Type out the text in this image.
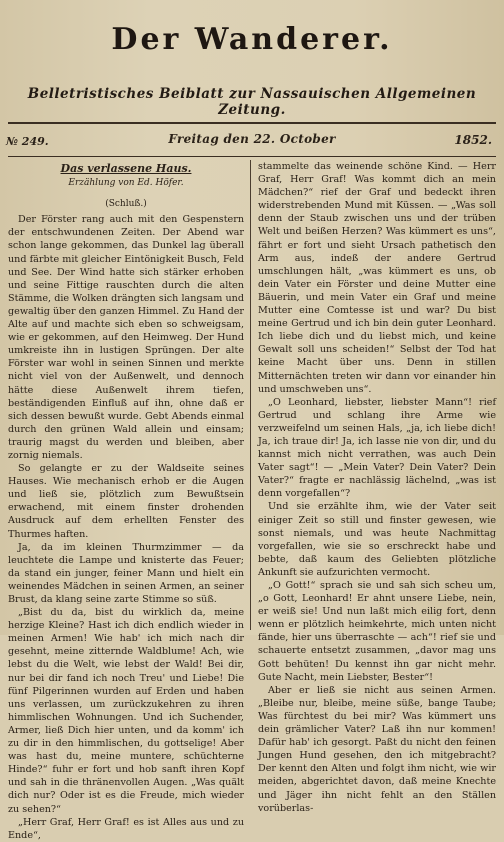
Der Wanderer.
Belletristisches Beiblatt zur Nassauischen Allgemeinen Zeitung.
№ 249.	Freitag den 22. October	1852.
Das verlassene Haus.
Erzählung von Ed. Höfer.
(Schluß.)

Der Förster rang auch mit den Gespenstern der entschwundenen Zeiten. Der Abend war schon lange gekommen, das Dunkel lag überall und färbte mit gleicher Eintönigkeit Busch, Feld und See. Der Wind hatte sich stärker erhoben und seine Fittige rauschten durch die alten Stämme, die Wolken drängten sich langsam und gewaltig über den ganzen Himmel. Zu Hand der Alte auf und machte sich eben so schweigsam, wie er gekommen, auf den Heimweg. Der Hund umkreiste ihn in lustigen Sprüngen. Der alte Förster war wohl in seinen Sinnen und merkte nicht viel von der Außenwelt, und dennoch hätte diese Außenwelt ihrem tiefen, beständigenden Einfluß auf ihn, ohne daß er sich dessen bewußt wurde. Gebt Abends einmal durch den grünen Wald allein und einsam; traurig magst du werden und bleiben, aber zornig niemals.

So gelangte er zu der Waldseite seines Hauses. Wie mechanisch erhob er die Augen und ließ sie, plötzlich zum Bewußtsein erwachend, mit einem finster drohenden Ausdruck auf dem erhellten Fenster des Thurmes haften.

Ja, da im kleinen Thurmzimmer — da leuchtete die Lampe und knisterte das Feuer; da stand ein junger, feiner Mann und hielt ein weinendes Mädchen in seinen Armen, an seiner Brust, da klang seine zarte Stimme so süß.

„Bist du da, bist du wirklich da, meine herzige Kleine? Hast ich dich endlich wieder in meinen Armen! Wie hab' ich mich nach dir gesehnt, meine zitternde Waldblume! Ach, wie lebst du die Welt, wie lebst der Wald! Bei dir, nur bei dir fand ich noch Treu' und Liebe! Die fünf Pilgerinnen wurden auf Erden und haben uns verlassen, um zurückzukehren zu ihren himmlischen Wohnungen. Und ich Suchender, Armer, ließ Dich hier unten, und da komm' ich zu dir in den himmlischen, du gottselige! Aber was hast du, meine muntere, schüchterne Hinde?“ fuhr er fort und hob sanft ihren Kopf und sah in die thränenvollen Augen. „Was quält dich nur? Oder ist es die Freude, mich wieder zu sehen?“

„Herr Graf, Herr Graf! es ist Alles aus und zu Ende“,

stammelte das weinende schöne Kind. — Herr Graf, Herr Graf! Was kommt dich an mein Mädchen?“ rief der Graf und bedeckt ihren widerstrebenden Mund mit Küssen. — „Was soll denn der Staub zwischen uns und der trüben Welt und beißen Herzen? Was kümmert es uns“, fährt er fort und sieht Ursach pathetisch den Arm aus, indeß der andere Gertrud umschlungen hält, „was kümmert es uns, ob dein Vater ein Förster und deine Mutter eine Bäuerin, und mein Vater ein Graf und meine Mutter eine Comtesse ist und war? Du bist meine Gertrud und ich bin dein guter Leonhard. Ich liebe dich und du liebst mich, und keine Gewalt soll uns scheiden!“ Selbst der Tod hat keine Macht über uns. Denn in stillen Mitternächten treten wir dann vor einander hin und umschweben uns“.

„O Leonhard, liebster, liebster Mann“! rief Gertrud und schlang ihre Arme wie verzweifelnd um seinen Hals, „ja, ich liebe dich! Ja, ich traue dir! Ja, ich lasse nie von dir, und du kannst mich nicht verrathen, was auch Dein Vater sagt“! — „Mein Vater? Dein Vater? Dein Vater?“ fragte er nachlässig lächelnd, „was ist denn vorgefallen“?

Und sie erzählte ihm, wie der Vater seit einiger Zeit so still und finster gewesen, wie sonst niemals, und was heute Nachmittag vorgefallen, wie sie so erschreckt habe und bebte, daß kaum des Geliebten plötzliche Ankunft sie aufzurichten vermocht.

„O Gott!“ sprach sie und sah sich scheu um, „o Gott, Leonhard! Er ahnt unsere Liebe, nein, er weiß sie! Und nun laßt mich eilig fort, denn wenn er plötzlich heimkehrte, mich unten nicht fände, hier uns überraschte — ach“! rief sie und schauerte entsetzt zusammen, „davor mag uns Gott behüten! Du kennst ihn gar nicht mehr. Gute Nacht, mein Liebster, Bester“!

Aber er ließ sie nicht aus seinen Armen. „Bleibe nur, bleibe, meine süße, bange Taube; Was fürchtest du bei mir? Was kümmert uns dein grämlicher Vater? Laß ihn nur kommen! Dafür hab' ich gesorgt. Paßt du nicht den feinen Jungen Hund gesehen, den ich mitgebracht? Der kennt den Alten und folgt ihm nicht, wie wir meiden, abgerichtet davon, daß meine Knechte und Jäger ihn nicht fehlt an den Ställen vorüberlas-
